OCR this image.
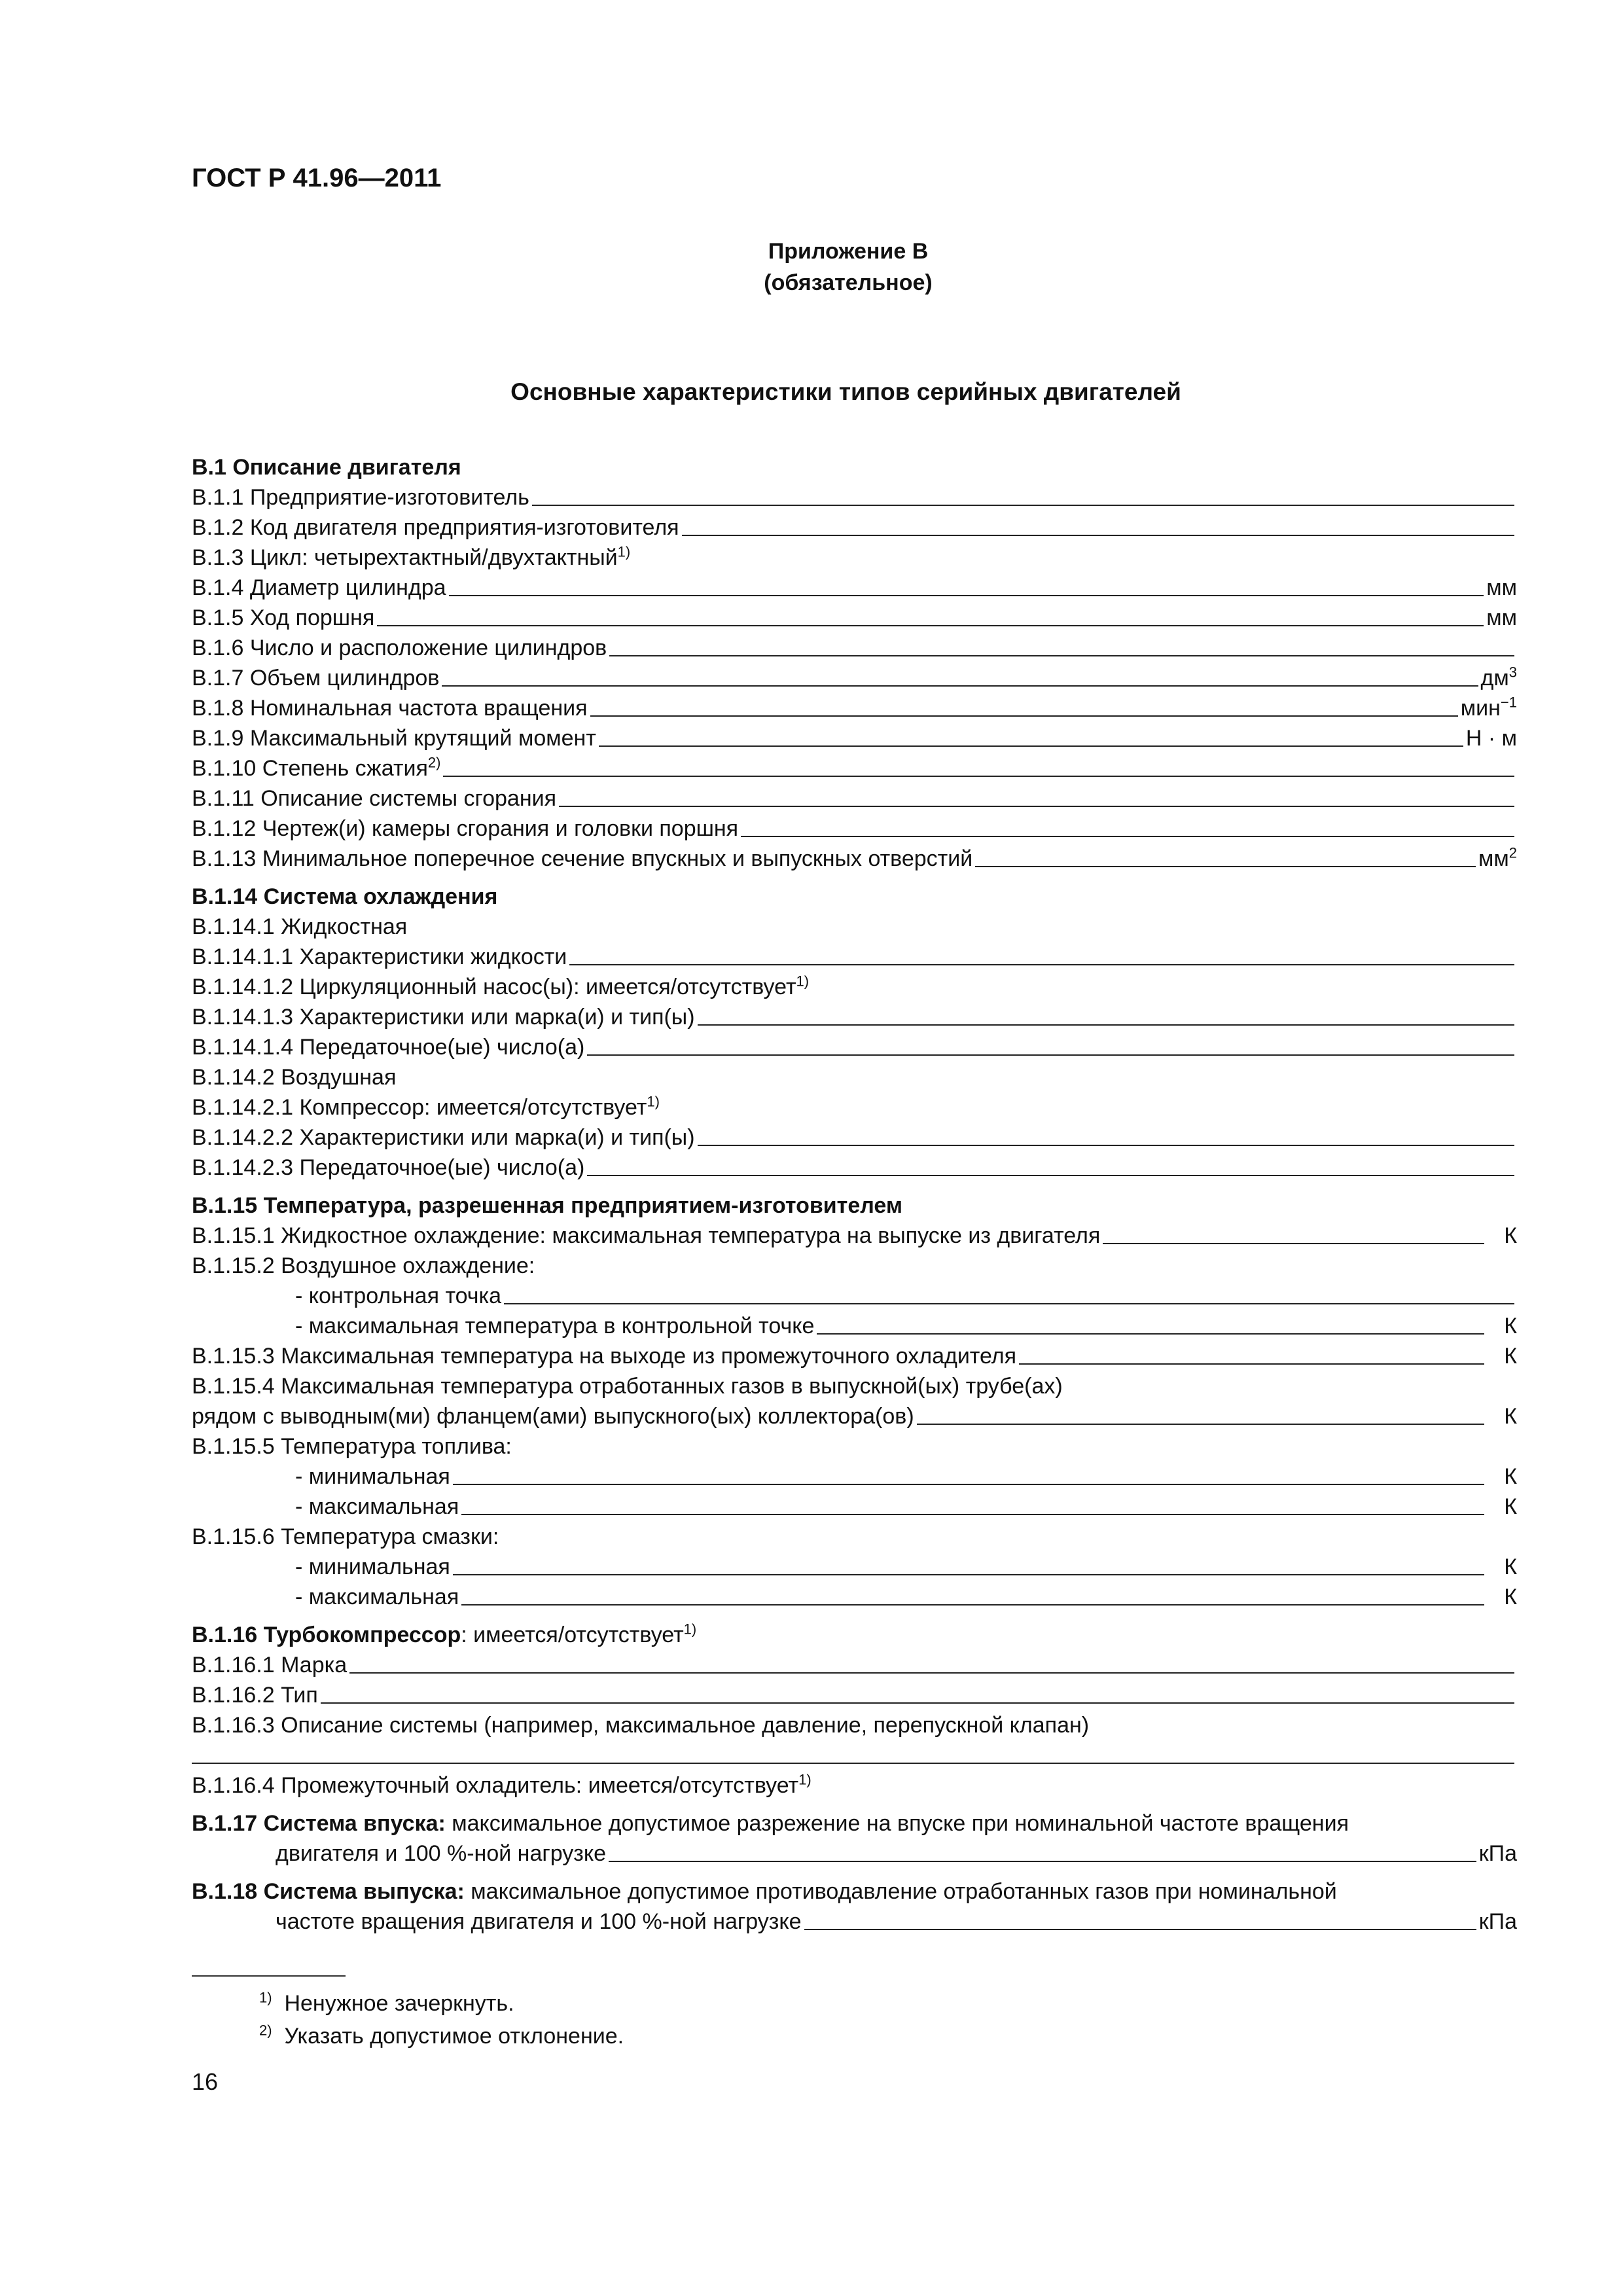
ГОСТ Р 41.96—2011
Приложение В
(обязательное)
Основные характеристики типов серийных двигателей
В.1 Описание двигателя
В.1.1 Предприятие-изготовитель
В.1.2 Код двигателя предприятия-изготовителя
В.1.3 Цикл: четырехтактный/двухтактный$^{1)}$
В.1.4 Диаметр цилиндра	мм
В.1.5 Ход поршня	мм
В.1.6 Число и расположение цилиндров
В.1.7 Объем цилиндров	$дм^3$
В.1.8 Номинальная частота вращения	мин$^{-1}$
В.1.9 Максимальный крутящий момент	Н · м
В.1.10 Степень сжатия$^{2)}$
В.1.11 Описание системы сгорания
В.1.12 Чертеж(и) камеры сгорания и головки поршня
В.1.13 Минимальное поперечное сечение впускных и выпускных отверстий	$мм^2$
В.1.14 Система охлаждения
В.1.14.1 Жидкостная
В.1.14.1.1 Характеристики жидкости
В.1.14.1.2 Циркуляционный насос(ы): имеется/отсутствует$^{1)}$
В.1.14.1.3 Характеристики или марка(и) и тип(ы)
В.1.14.1.4 Передаточное(ые) число(а)
В.1.14.2 Воздушная
В.1.14.2.1 Компрессор: имеется/отсутствует$^{1)}$
В.1.14.2.2 Характеристики или марка(и) и тип(ы)
В.1.14.2.3 Передаточное(ые) число(а)
В.1.15 Температура, разрешенная предприятием-изготовителем
В.1.15.1 Жидкостное охлаждение: максимальная температура на выпуске из двигателя	К
В.1.15.2 Воздушное охлаждение:
- контрольная точка
- максимальная температура в контрольной точке	К
В.1.15.3 Максимальная температура на выходе из промежуточного охладителя	К
В.1.15.4 Максимальная температура отработанных газов в выпускной(ых) трубе(ах)
рядом с выводным(ми) фланцем(ами) выпускного(ых) коллектора(ов)	К
В.1.15.5 Температура топлива:
- минимальная	К
- максимальная	К
В.1.15.6 Температура смазки:
- минимальная	К
- максимальная	К
В.1.16 Турбокомпрессор: имеется/отсутствует$^{1)}$
В.1.16.1 Марка
В.1.16.2 Тип
В.1.16.3 Описание системы (например, максимальное давление, перепускной клапан)
В.1.16.4 Промежуточный охладитель: имеется/отсутствует$^{1)}$
В.1.17 Система впуска: максимальное допустимое разрежение на впуске при номинальной частоте вращения
двигателя и 100 %-ной нагрузке	кПа
В.1.18 Система выпуска: максимальное допустимое противодавление отработанных газов при номинальной
частоте вращения двигателя и 100 %-ной нагрузке	кПа
$^{1)}$ Ненужное зачеркнуть.
$^{2)}$ Указать допустимое отклонение.
16
